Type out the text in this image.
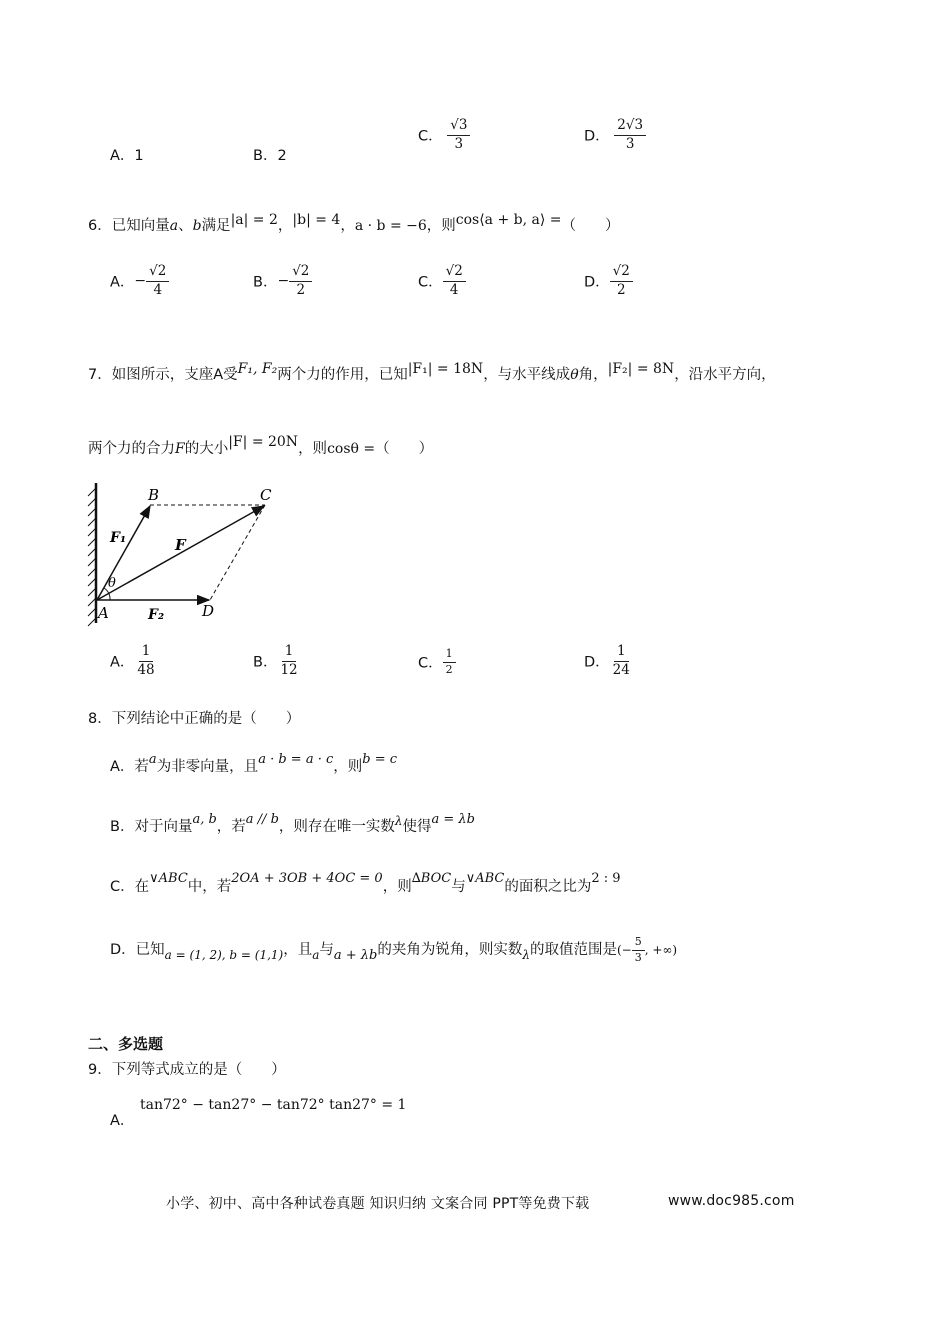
A．1	B．2
C． $\frac{√3}{3}$	D． $\frac{2√3}{3}$
6．已知向量a、b满足|a| = 2，|b| = 4，a · b = −6，则cos⟨a + b, a⟩ =（　　）
A．− $\frac{√2}{4}$	B．− $\frac{√2}{2}$	C． $\frac{√2}{4}$	D． $\frac{√2}{2}$
7．如图所示，支座A受F₁, F₂两个力的作用，已知|F₁| = 18N，与水平线成θ角，|F₂| = 8N，沿水平方向，
两个力的合力F的大小|F| = 20N，则cosθ =（　　）
B	C
A	D
F₁
F₂
F
θ
A． $\frac{1}{48}$	B． $\frac{1}{12}$	C． $\frac{1}{2}$	D． $\frac{1}{24}$
8．下列结论中正确的是（　　）
A．若a为非零向量，且a · b = a · c，则b = c
B．对于向量a, b，若a // b，则存在唯一实数$^\lambda$使得a = λb
C．在∨ABC中，若2OA + 3OB + 4OC = 0，则∆BOC与∨ABC的面积之比为2 : 9
D．已知$_{a = (1, 2), b = (1,1)}$，且$_a$与a + λb的夹角为锐角，则实数$_\lambda$的取值范围是(− $\frac{5}{3}$ , +∞)
二、多选题
9．下列等式成立的是（　　）
A．
tan72° − tan27° − tan72° tan27° = 1
小学、初中、高中各种试卷真题 知识归纳 文案合同 PPT等免费下载	www.doc985.com
